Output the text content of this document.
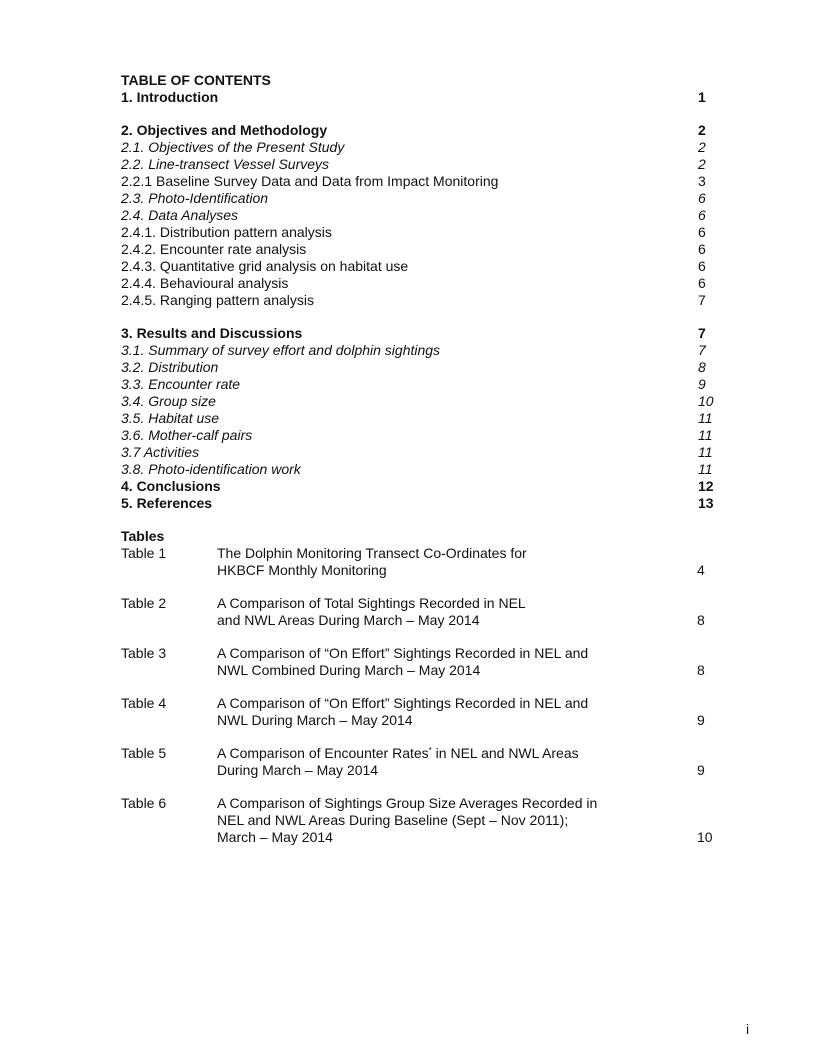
TABLE OF CONTENTS
1. Introduction	1
2. Objectives and Methodology	2
2.1. Objectives of the Present Study	2
2.2. Line-transect Vessel Surveys	2
2.2.1 Baseline Survey Data and Data from Impact Monitoring	3
2.3. Photo-Identification	6
2.4. Data Analyses	6
2.4.1. Distribution pattern analysis	6
2.4.2. Encounter rate analysis	6
2.4.3. Quantitative grid analysis on habitat use	6
2.4.4. Behavioural analysis	6
2.4.5. Ranging pattern analysis	7
3. Results and Discussions	7
3.1. Summary of survey effort and dolphin sightings	7
3.2. Distribution	8
3.3. Encounter rate	9
3.4. Group size	10
3.5. Habitat use	11
3.6. Mother-calf pairs	11
3.7 Activities	11
3.8. Photo-identification work	11
4. Conclusions	12
5. References	13
Tables
Table 1	The Dolphin Monitoring Transect Co-Ordinates for
HKBCF Monthly Monitoring	4
Table 2	A Comparison of Total Sightings Recorded in NEL
and NWL Areas During March – May 2014	8
Table 3	A Comparison of “On Effort” Sightings Recorded in NEL and
NWL Combined During March – May 2014	8
Table 4	A Comparison of “On Effort” Sightings Recorded in NEL and
NWL During March – May 2014	9
Table 5	A Comparison of Encounter Rates* in NEL and NWL Areas
During March – May 2014	9
Table 6	A Comparison of Sightings Group Size Averages Recorded in
NEL and NWL Areas During Baseline (Sept – Nov 2011);
March – May 2014	10
i
